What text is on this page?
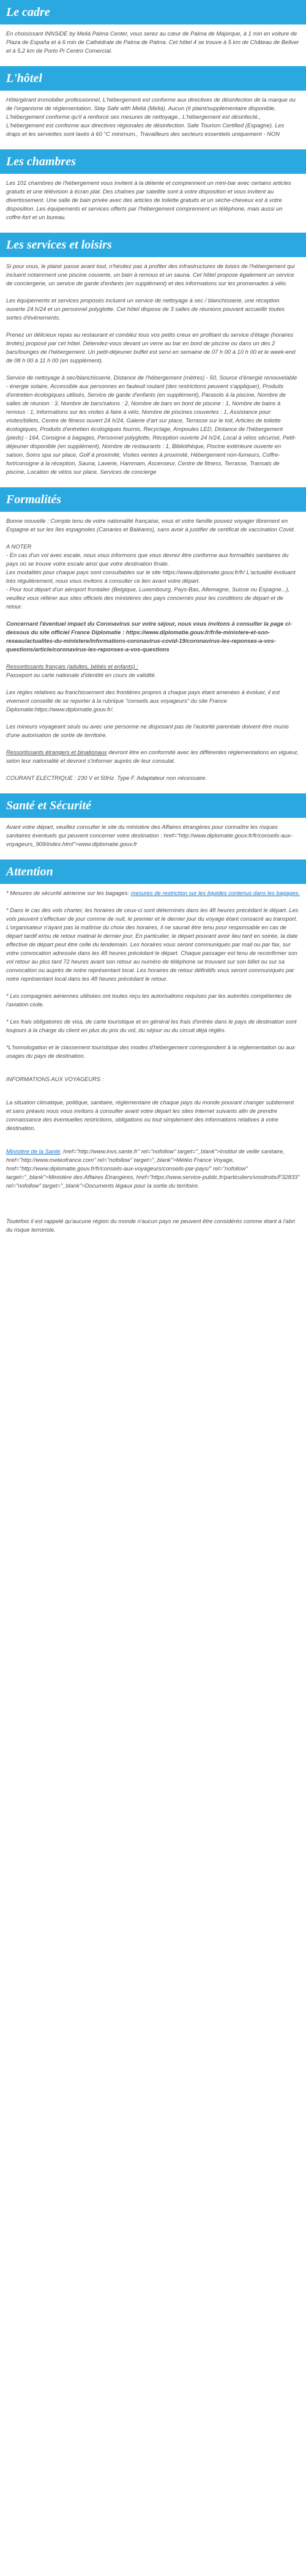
Le cadre

En choisissant INNSiDE by Meliá Palma Center, vous serez au cœur de Palma de Majorque, à 1 min en voiture de Plaza de España et à 6 min de Cathédrale de Palma de Palma. Cet hôtel 4 se trouve à 5 km de Château de Bellver et à 5,2 km de Porto Pi Centro Comercial.

L'hôtel

Hôte/gérant immobilier professionnel, L'hébergement est conforme aux directives de désinfection de la marque ou de l'organisme de réglementation. Stay Safe with Meliá (Meliá). Aucun (it plaint/supplémentaire disponible, L'hébergement conforme qu'il a renforcé ses mesures de nettoyage., L'hébergement est désinfecté., L'hébergement est conforme aux directives régionales de désinfection. Safe Tourism Certified (Espagne). Les draps et les serviettes sont lavés à 60 °C minimum., Travailleurs des secteurs essentiels uniquement - NON

Les chambres

Les 101 chambres de l'hébergement vous invitent à la détente et comprennent un mini-bar avec certains articles gratuits et une télévision à écran plat. Des chaînes par satellite sont à votre disposition et vous invitent au divertissement. Une salle de bain privée avec des articles de toilette gratuits et un sèche-cheveux est à votre disposition. Les équipements et services offerts par l'hébergement comprennent un téléphone, mais aussi un coffre-fort et un bureau.

Les services et loisirs

Si pour vous, le plaisir passe avant tout, n'hésitez pas à profiter des infrastructures de loisirs de l'hébergement qui incluent notamment une piscine couverte, un bain à remous et un sauna. Cet hôtel propose également un service de conciergerie, un service de garde d'enfants (en supplément) et des informations sur les promenades à vélo.

Les équipements et services proposés incluent un service de nettoyage à sec / blanchisserie, une réception ouverte 24 h/24 et un personnel polyglotte. Cet hôtel dispose de 3 salles de réunions pouvant accueillir toutes sortes d'événements.

Prenez un délicieux repas au restaurant et comblez tous vos petits creux en profitant du service d'étage (horaires limités) proposé par cet hôtel. Détendez-vous devant un verre au bar en bord de piscine ou dans un des 2 bars/lounges de l'hébergement. Un petit-déjeuner buffet est servi en semaine de 07 h 00 à 10 h 00 et le week-end de 08 h 00 à 11 h 00 (en supplément).

Service de nettoyage à sec/blanchisserie, Distance de l'hébergement (mètres) - 50, Source d'énergie renouvelable - énergie solaire, Accessible aux personnes en fauteuil roulant (des restrictions peuvent s'appliquer), Produits d'entretien écologiques utilisés, Service de garde d'enfants (en supplément), Parasols à la piscine, Nombre de salles de réunion : 3, Nombre de bars/salons : 2, Nombre de bars en bord de piscine : 1, Nombre de bains à remous : 1, Informations sur les visites à faire à vélo, Nombre de piscines couvertes : 1, Assistance pour visites/billets, Centre de fitness ouvert 24 h/24, Galerie d'art sur place, Terrasse sur le toit, Articles de toilette écologiques, Produits d'entretien écologiques fournis, Recyclage, Ampoules LED, Distance de l'hébergement (pieds) - 164, Consigne à bagages, Personnel polyglotte, Réception ouverte 24 h/24, Local à vélos sécurisé, Petit-déjeuner disponible (en supplément), Nombre de restaurants : 1, Bibliothèque, Piscine extérieure ouverte en saison, Soins spa sur place, Golf à proximité, Visites ventes à proximité, Hébergement non-fumeurs, Coffre-fort/consigne à la réception, Sauna, Laverie, Hammam, Ascenseur, Centre de fitness, Terrasse, Transats de piscine, Location de vélos sur place, Services de concierge

Formalités

Bonne nouvelle : Compte tenu de votre nationalité française, vous et votre famille pouvez voyager librement en Espagne et sur les îles espagnoles (Canaries et Baléares), sans avoir à justifier de certificat de vaccination Covid.

A NOTER
- En cas d'un vol avec escale, nous vous informons que vous devrez être conforme aux formalités sanitaires du pays où se trouve votre escale ainsi que votre destination finale.
Les modalités pour chaque pays sont consultables sur le site https://www.diplomatie.gouv.fr/fr/ L'actualité évoluant très régulièrement, nous vous invitons à consulter ce lien avant votre départ.
- Pour tout départ d'un aéroport frontalier (Belgique, Luxembourg, Pays-Bas, Allemagne, Suisse ou Espagne...), veuillez vous référer aux sites officiels des ministères des pays concernés pour les conditions de départ et de retour.

Concernant l'éventuel impact du Coronavirus sur votre séjour, nous vous invitons à consulter la page ci-dessous du site officiel France Diplomatie : https://www.diplomatie.gouv.fr/fr/le-ministere-et-son-reseau/actualites-du-ministere/informations-coronavirus-covid-19/coronavirus-les-reponses-a-vos-questions/article/coronavirus-les-reponses-a-vos-questions

Ressortissants français (adultes, bébés et enfants) :
Passeport ou carte nationale d'identité en cours de validité.

Les règles relatives au franchissement des frontières propres à chaque pays étant amenées à évoluer, il est vivement conseillé de se reporter à la rubrique "conseils aux voyageurs" du site France Diplomatie:https://www.diplomatie.gouv.fr/.

Les mineurs voyageant seuls ou avec une personne ne disposant pas de l'autorité parentale doivent être munis d'une autorisation de sortie de territoire.

Ressortissants étrangers et binationaux devront être en conformité avec les différentes réglementations en vigueur, selon leur nationalité et devront s'informer auprès de leur consulat.

COURANT ELECTRIQUE : 230 V et 50Hz. Type F. Adaptateur non nécessaire.

Santé et Sécurité

Avant votre départ, veuillez consulter le site du ministère des Affaires étrangères pour connaître les risques sanitaires éventuels qui peuvent concerner votre destination : href="http://www.diplomatie.gouv.fr/fr/conseils-aux-voyageurs_909/index.html">www.diplomatie.gouv.fr

Attention

* Mesures de sécurité aérienne sur les bagages: mesures de restriction sur les liquides contenus dans les bagages.

* Dans le cas des vols charter, les horaires de ceux-ci sont déterminés dans les 48 heures précédant le départ. Les vols peuvent s'effectuer de jour comme de nuit, le premier et le dernier jour du voyage étant consacré au transport. L'organisateur n'ayant pas la maîtrise du choix des horaires, il ne saurait être tenu pour responsable en cas de départ tardif et/ou de retour matinal le dernier jour. En particulier, le départ pouvant avoir lieu tard en soirée, la date effective de départ peut être celle du lendemain. Les horaires vous seront communiqués par mail ou par fax, sur votre convocation adressée dans les 48 heures précédant le départ. Chaque passager est tenu de reconfirmer son vol retour au plus tard 72 heures avant son retour au numéro de téléphone se trouvant sur son billet ou sur sa convocation ou auprès de notre représentant local. Les horaires de retour définitifs vous seront communiqués par notre représentant local dans les 48 heures précédant le retour.

* Les compagnies aériennes utilisées ont toutes reçu les autorisations requises par les autorités compétentes de l'aviation civile.

* Les frais obligatoires de visa, de carte touristique et en général les frais d'entrée dans le pays de destination sont toujours à la charge du client en plus du prix du vol, du séjour ou du circuit déjà réglés.

*L'homologation et le classement touristique des modes d'hébergement correspondent à la réglementation ou aux usages du pays de destination.

INFORMATIONS AUX VOYAGEURS :

La situation climatique, politique, sanitaire, réglementaire de chaque pays du monde pouvant changer subitement et sans préavis nous vous invitons à consulter avant votre départ les sites Internet suivants afin de prendre connaissance des éventuelles restrictions, obligations ou tout simplement des informations relatives à votre destination.

Ministère de la Santé, href="http://www.invs.sante.fr" rel="nofollow" target="_blank">Institut de veille sanitaire, href="http://www.meteofrance.com" rel="nofollow" target="_blank">Météo France Voyage, href="http://www.diplomatie.gouv.fr/fr/conseils-aux-voyageurs/conseils-par-pays/" rel="nofollow" target="_blank">Ministère des Affaires Etrangères, href="https://www.service-public.fr/particuliers/vosdroits/F32833" rel="nofollow" target="_blank">Documents légaux pour la sortie du territoire.

Toutefois il est rappelé qu'aucune région du monde n'aucun pays ne peuvent être considérés comme étant à l'abri du risque terroriste.
